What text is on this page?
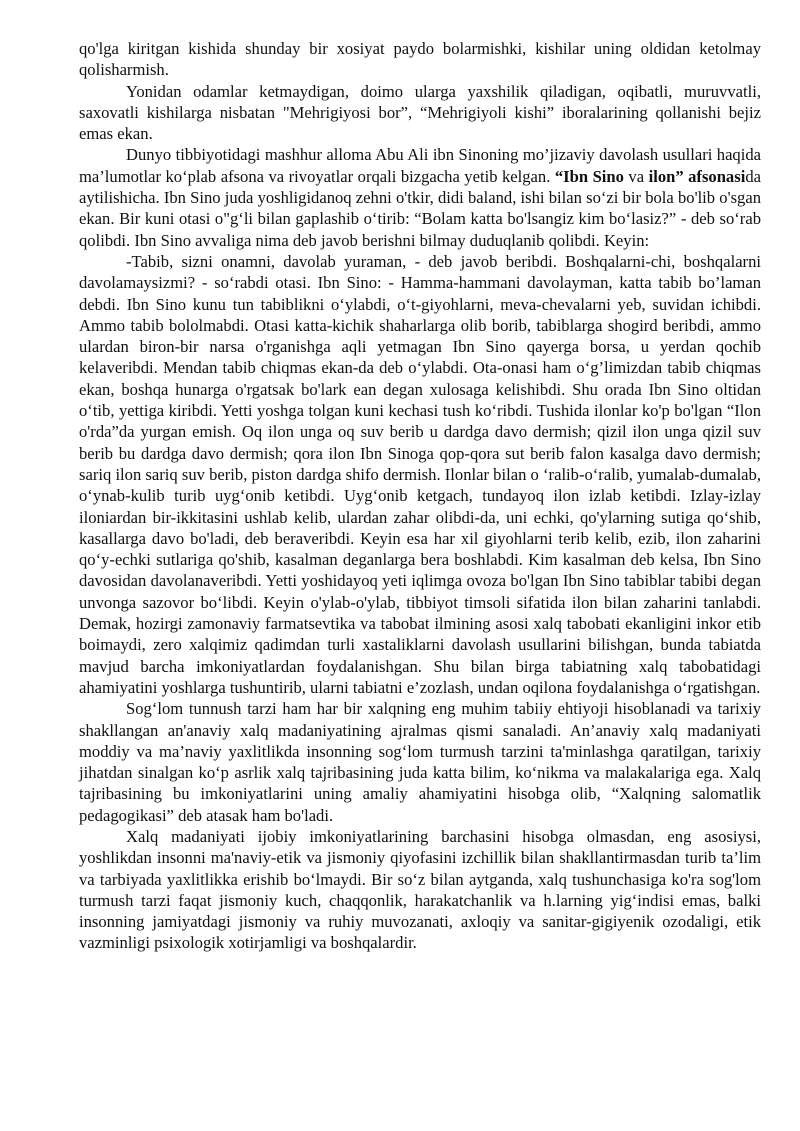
qo'lga kiritgan kishida shunday bir xosiyat paydo bolarmishki, kishilar uning oldidan ketolmay qolisharmish.

Yonidan odamlar ketmaydigan, doimo ularga yaxshilik qiladigan, oqibatli, muruvvatli, saxovatli kishilarga nisbatan "Mehrigiyosi bor”, “Mehrigiyoli kishi” iboralarining qollanishi bejiz emas ekan.

Dunyo tibbiyotidagi mashhur alloma Abu Ali ibn Sinoning mo’jizaviy davolash usullari haqida ma’lumotlar ko‘plab afsona va rivoyatlar orqali bizgacha yetib kelgan. “Ibn Sino va ilon” afsonasida aytilishicha. Ibn Sino juda yoshligidanoq zehni o'tkir, didi baland, ishi bilan so‘zi bir bola bo'lib o'sgan ekan. Bir kuni otasi o"g‘li bilan gaplashib o‘tirib: “Bolam katta bo'lsangiz kim bo‘lasiz?” - deb so‘rab qolibdi. Ibn Sino avvaliga nima deb javob berishni bilmay duduqlanib qolibdi. Keyin:

-Tabib, sizni onamni, davolab yuraman, - deb javob beribdi. Boshqalarni-chi, boshqalarni davolamaysizmi? - so‘rabdi otasi. Ibn Sino: - Hamma-hammani davolayman, katta tabib bo’laman debdi. Ibn Sino kunu tun tabiblikni o‘ylabdi, o‘t-giyohlarni, meva-chevalarni yeb, suvidan ichibdi. Ammo tabib bololmabdi. Otasi katta-kichik shaharlarga olib borib, tabiblarga shogird beribdi, ammo ulardan biron-bir narsa o'rganishga aqli yetmagan Ibn Sino qayerga borsa, u yerdan qochib kelaveribdi. Mendan tabib chiqmas ekan-da deb o‘ylabdi. Ota-onasi ham o‘g’limizdan tabib chiqmas ekan, boshqa hunarga o'rgatsak bo'lark ean degan xulosaga kelishibdi. Shu orada Ibn Sino oltidan o‘tib, yettiga kiribdi. Yetti yoshga tolgan kuni kechasi tush ko‘ribdi. Tushida ilonlar ko'p bo'lgan “Ilon o'rda”da yurgan emish. Oq ilon unga oq suv berib u dardga davo dermish; qizil ilon unga qizil suv berib bu dardga davo dermish; qora ilon Ibn Sinoga qop-qora sut berib falon kasalga davo dermish; sariq ilon sariq suv berib, piston dardga shifo dermish. Ilonlar bilan o ‘ralib-o‘ralib, yumalab-dumalab, o‘ynab-kulib turib uyg‘onib ketibdi. Uyg‘onib ketgach, tundayoq ilon izlab ketibdi. Izlay-izlay iloniardan bir-ikkitasini ushlab kelib, ulardan zahar olibdi-da, uni echki, qo'ylarning sutiga qo‘shib, kasallarga davo bo'ladi, deb beraveribdi. Keyin esa har xil giyohlarni terib kelib, ezib, ilon zaharini qo‘y-echki sutlariga qo'shib, kasalman deganlarga bera boshlabdi. Kim kasalman deb kelsa, Ibn Sino davosidan davolanaveribdi. Yetti yoshidayoq yeti iqlimga ovoza bo'lgan Ibn Sino tabiblar tabibi degan unvonga sazovor bo‘libdi. Keyin o'ylab-o'ylab, tibbiyot timsoli sifatida ilon bilan zaharini tanlabdi. Demak, hozirgi zamonaviy farmatsevtika va tabobat ilmining asosi xalq tabobati ekanligini inkor etib boimaydi, zero xalqimiz qadimdan turli xastaliklarni davolash usullarini bilishgan, bunda tabiatda mavjud barcha imkoniyatlardan foydalanishgan. Shu bilan birga tabiatning xalq tabobatidagi ahamiyatini yoshlarga tushuntirib, ularni tabiatni e’zozlash, undan oqilona foydalanishga o‘rgatishgan.

Sog‘lom tunnush tarzi ham har bir xalqning eng muhim tabiiy ehtiyoji hisoblanadi va tarixiy shakllangan an'anaviy xalq madaniyatining ajralmas qismi sanaladi. An’anaviy xalq madaniyati moddiy va ma’naviy yaxlitlikda insonning sog‘lom turmush tarzini ta'minlashga qaratilgan, tarixiy jihatdan sinalgan ko‘p asrlik xalq tajribasining juda katta bilim, ko‘nikma va malakalariga ega. Xalq tajribasining bu imkoniyatlarini uning amaliy ahamiyatini hisobga olib, “Xalqning salomatlik pedagogikasi” deb atasak ham bo'ladi.

Xalq madaniyati ijobiy imkoniyatlarining barchasini hisobga olmasdan, eng asosiysi, yoshlikdan insonni ma'naviy-etik va jismoniy qiyofasini izchillik bilan shakllantirmasdan turib ta’lim va tarbiyada yaxlitlikka erishib bo‘lmaydi. Bir so‘z bilan aytganda, xalq tushunchasiga ko'ra sog'lom turmush tarzi faqat jismoniy kuch, chaqqonlik, harakatchanlik va h.larning yig‘indisi emas, balki insonning jamiyatdagi jismoniy va ruhiy muvozanati, axloqiy va sanitar-gigiyenik ozodaligi, etik vazminligi psixologik xotirjamligi va boshqalardir.
